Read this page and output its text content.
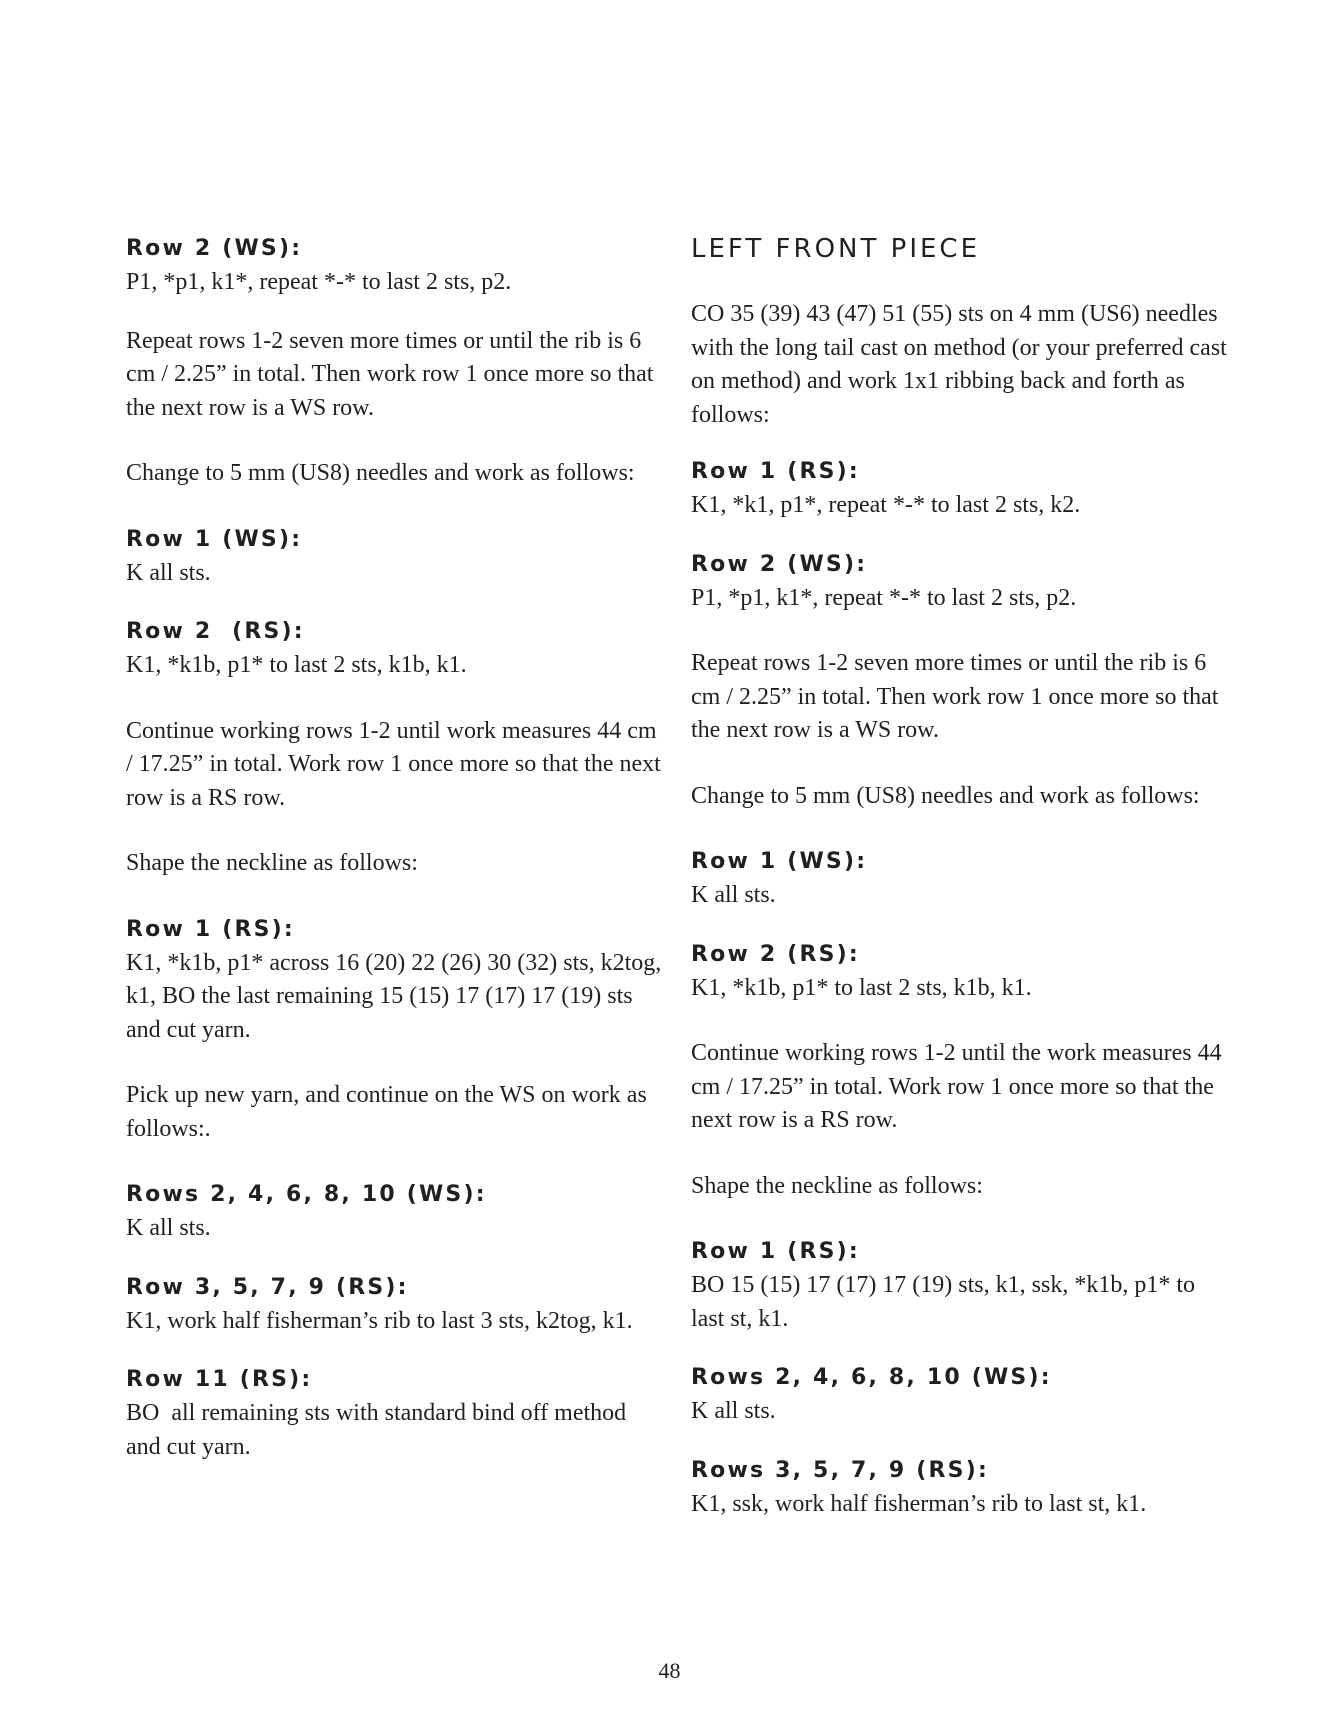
Row 2 (WS):

P1, *p1, k1*, repeat *-* to last 2 sts, p2.

Repeat rows 1-2 seven more times or until the rib is 6 cm / 2.25” in total. Then work row 1 once more so that the next row is a WS row.

Change to 5 mm (US8) needles and work as follows:

Row 1 (WS):

K all sts.

Row 2  (RS):

K1, *k1b, p1* to last 2 sts, k1b, k1.

Continue working rows 1-2 until work measures 44 cm / 17.25” in total. Work row 1 once more so that the next row is a RS row.

Shape the neckline as follows:

Row 1 (RS):

K1, *k1b, p1* across 16 (20) 22 (26) 30 (32) sts, k2tog, k1, BO the last remaining 15 (15) 17 (17) 17 (19) sts and cut yarn.

Pick up new yarn, and continue on the WS on work as follows:.

Rows 2, 4, 6, 8, 10 (WS):

K all sts.

Row 3, 5, 7, 9 (RS):

K1, work half fisherman’s rib to last 3 sts, k2tog, k1.

Row 11 (RS):

BO  all remaining sts with standard bind off method and cut yarn.

LEFT FRONT PIECE

CO 35 (39) 43 (47) 51 (55) sts on 4 mm (US6) needles with the long tail cast on method (or your preferred cast on method) and work 1x1 ribbing back and forth as follows:

Row 1 (RS):

K1, *k1, p1*, repeat *-* to last 2 sts, k2.

Row 2 (WS):

P1, *p1, k1*, repeat *-* to last 2 sts, p2.

Repeat rows 1-2 seven more times or until the rib is 6 cm / 2.25” in total. Then work row 1 once more so that the next row is a WS row.

Change to 5 mm (US8) needles and work as follows:

Row 1 (WS):

K all sts.

Row 2 (RS):

K1, *k1b, p1* to last 2 sts, k1b, k1.

Continue working rows 1-2 until the work measures 44 cm / 17.25” in total. Work row 1 once more so that the next row is a RS row.

Shape the neckline as follows:

Row 1 (RS):

BO 15 (15) 17 (17) 17 (19) sts, k1, ssk, *k1b, p1* to last st, k1.

Rows 2, 4, 6, 8, 10 (WS):

K all sts.

Rows 3, 5, 7, 9 (RS):

K1, ssk, work half fisherman’s rib to last st, k1.

48
